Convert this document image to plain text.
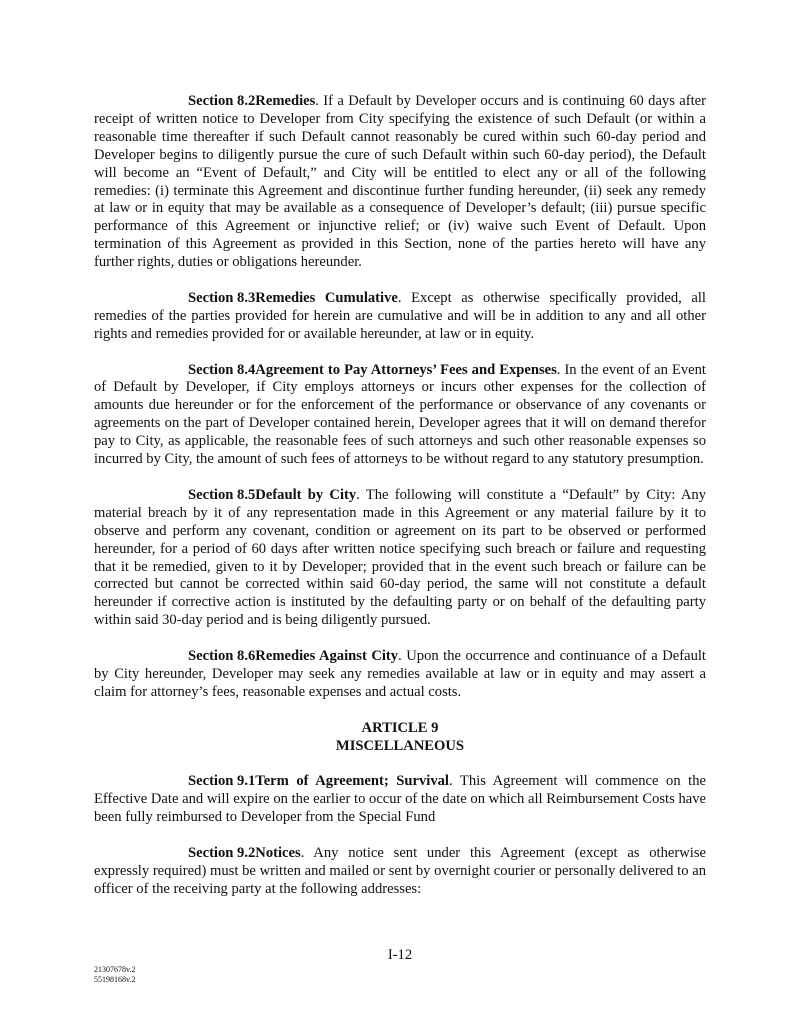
Section 8.2Remedies. If a Default by Developer occurs and is continuing 60 days after receipt of written notice to Developer from City specifying the existence of such Default (or within a reasonable time thereafter if such Default cannot reasonably be cured within such 60-day period and Developer begins to diligently pursue the cure of such Default within such 60-day period), the Default will become an “Event of Default,” and City will be entitled to elect any or all of the following remedies: (i) terminate this Agreement and discontinue further funding hereunder, (ii) seek any remedy at law or in equity that may be available as a consequence of Developer’s default; (iii) pursue specific performance of this Agreement or injunctive relief; or (iv) waive such Event of Default. Upon termination of this Agreement as provided in this Section, none of the parties hereto will have any further rights, duties or obligations hereunder.

Section 8.3Remedies Cumulative. Except as otherwise specifically provided, all remedies of the parties provided for herein are cumulative and will be in addition to any and all other rights and remedies provided for or available hereunder, at law or in equity.

Section 8.4Agreement to Pay Attorneys’ Fees and Expenses. In the event of an Event of Default by Developer, if City employs attorneys or incurs other expenses for the collection of amounts due hereunder or for the enforcement of the performance or observance of any covenants or agreements on the part of Developer contained herein, Developer agrees that it will on demand therefor pay to City, as applicable, the reasonable fees of such attorneys and such other reasonable expenses so incurred by City, the amount of such fees of attorneys to be without regard to any statutory presumption.

Section 8.5Default by City. The following will constitute a “Default” by City: Any material breach by it of any representation made in this Agreement or any material failure by it to observe and perform any covenant, condition or agreement on its part to be observed or performed hereunder, for a period of 60 days after written notice specifying such breach or failure and requesting that it be remedied, given to it by Developer; provided that in the event such breach or failure can be corrected but cannot be corrected within said 60-day period, the same will not constitute a default hereunder if corrective action is instituted by the defaulting party or on behalf of the defaulting party within said 30-day period and is being diligently pursued.

Section 8.6Remedies Against City. Upon the occurrence and continuance of a Default by City hereunder, Developer may seek any remedies available at law or in equity and may assert a claim for attorney’s fees, reasonable expenses and actual costs.

ARTICLE 9
MISCELLANEOUS

Section 9.1Term of Agreement; Survival. This Agreement will commence on the Effective Date and will expire on the earlier to occur of the date on which all Reimbursement Costs have been fully reimbursed to Developer from the Special Fund

Section 9.2Notices. Any notice sent under this Agreement (except as otherwise expressly required) must be written and mailed or sent by overnight courier or personally delivered to an officer of the receiving party at the following addresses:

I-12
21307678v.2
55198168v.2
